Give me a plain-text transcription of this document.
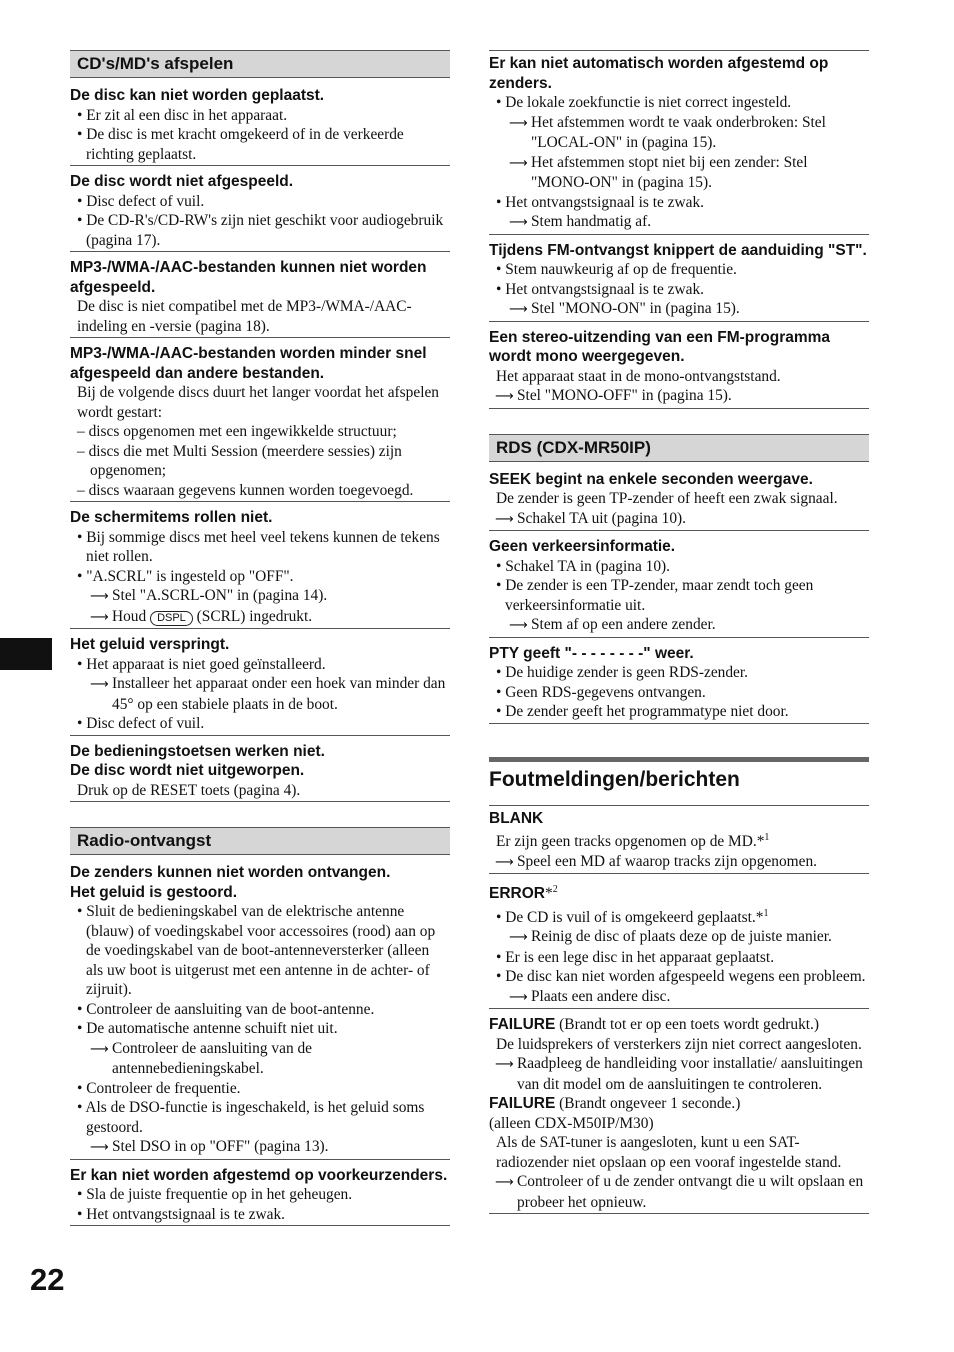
CD's/MD's afspelen
De disc kan niet worden geplaatst.
• Er zit al een disc in het apparaat.
• De disc is met kracht omgekeerd of in de verkeerde richting geplaatst.
De disc wordt niet afgespeeld.
• Disc defect of vuil.
• De CD-R's/CD-RW's zijn niet geschikt voor audiogebruik (pagina 17).
MP3-/WMA-/AAC-bestanden kunnen niet worden afgespeeld.
De disc is niet compatibel met de MP3-/WMA-/AAC-indeling en -versie (pagina 18).
MP3-/WMA-/AAC-bestanden worden minder snel afgespeeld dan andere bestanden.
Bij de volgende discs duurt het langer voordat het afspelen wordt gestart:
– discs opgenomen met een ingewikkelde structuur;
– discs die met Multi Session (meerdere sessies) zijn opgenomen;
– discs waaraan gegevens kunnen worden toegevoegd.
De schermitems rollen niet.
• Bij sommige discs met heel veel tekens kunnen de tekens niet rollen.
• "A.SCRL" is ingesteld op "OFF".
⟶ Stel "A.SCRL-ON" in (pagina 14).
⟶ Houd DSPL (SCRL) ingedrukt.
Het geluid verspringt.
• Het apparaat is niet goed geïnstalleerd.
⟶ Installeer het apparaat onder een hoek van minder dan 45° op een stabiele plaats in de boot.
• Disc defect of vuil.
De bedieningstoetsen werken niet.
De disc wordt niet uitgeworpen.
Druk op de RESET toets (pagina 4).
Radio-ontvangst
De zenders kunnen niet worden ontvangen.
Het geluid is gestoord.
• Sluit de bedieningskabel van de elektrische antenne (blauw) of voedingskabel voor accessoires (rood) aan op de voedingskabel van de boot-antenneversterker (alleen als uw boot is uitgerust met een antenne in de achter- of zijruit).
• Controleer de aansluiting van de boot-antenne.
• De automatische antenne schuift niet uit.
⟶ Controleer de aansluiting van de antennebedieningskabel.
• Controleer de frequentie.
• Als de DSO-functie is ingeschakeld, is het geluid soms gestoord.
⟶ Stel DSO in op "OFF" (pagina 13).
Er kan niet worden afgestemd op voorkeurzenders.
• Sla de juiste frequentie op in het geheugen.
• Het ontvangstsignaal is te zwak.
Er kan niet automatisch worden afgestemd op zenders.
• De lokale zoekfunctie is niet correct ingesteld.
⟶ Het afstemmen wordt te vaak onderbroken: Stel "LOCAL-ON" in (pagina 15).
⟶ Het afstemmen stopt niet bij een zender: Stel "MONO-ON" in (pagina 15).
• Het ontvangstsignaal is te zwak.
⟶ Stem handmatig af.
Tijdens FM-ontvangst knippert de aanduiding "ST".
• Stem nauwkeurig af op de frequentie.
• Het ontvangstsignaal is te zwak.
⟶ Stel "MONO-ON" in (pagina 15).
Een stereo-uitzending van een FM-programma wordt mono weergegeven.
Het apparaat staat in de mono-ontvangststand.
⟶ Stel "MONO-OFF" in (pagina 15).
RDS (CDX-MR50IP)
SEEK begint na enkele seconden weergave.
De zender is geen TP-zender of heeft een zwak signaal.
⟶ Schakel TA uit (pagina 10).
Geen verkeersinformatie.
• Schakel TA in (pagina 10).
• De zender is een TP-zender, maar zendt toch geen verkeersinformatie uit.
⟶ Stem af op een andere zender.
PTY geeft "- - - - - - - -" weer.
• De huidige zender is geen RDS-zender.
• Geen RDS-gegevens ontvangen.
• De zender geeft het programmatype niet door.
Foutmeldingen/berichten
BLANK
Er zijn geen tracks opgenomen op de MD.*$^1$
⟶ Speel een MD af waarop tracks zijn opgenomen.
ERROR*$^2$
• De CD is vuil of is omgekeerd geplaatst.*$^1$
⟶ Reinig de disc of plaats deze op de juiste manier.
• Er is een lege disc in het apparaat geplaatst.
• De disc kan niet worden afgespeeld wegens een probleem.
⟶ Plaats een andere disc.
FAILURE (Brandt tot er op een toets wordt gedrukt.)
De luidsprekers of versterkers zijn niet correct aangesloten.
⟶ Raadpleeg de handleiding voor installatie/ aansluitingen van dit model om de aansluitingen te controleren.
FAILURE (Brandt ongeveer 1 seconde.)
(alleen CDX-M50IP/M30)
Als de SAT-tuner is aangesloten, kunt u een SAT-radiozender niet opslaan op een vooraf ingestelde stand.
⟶ Controleer of u de zender ontvangt die u wilt opslaan en probeer het opnieuw.
22
